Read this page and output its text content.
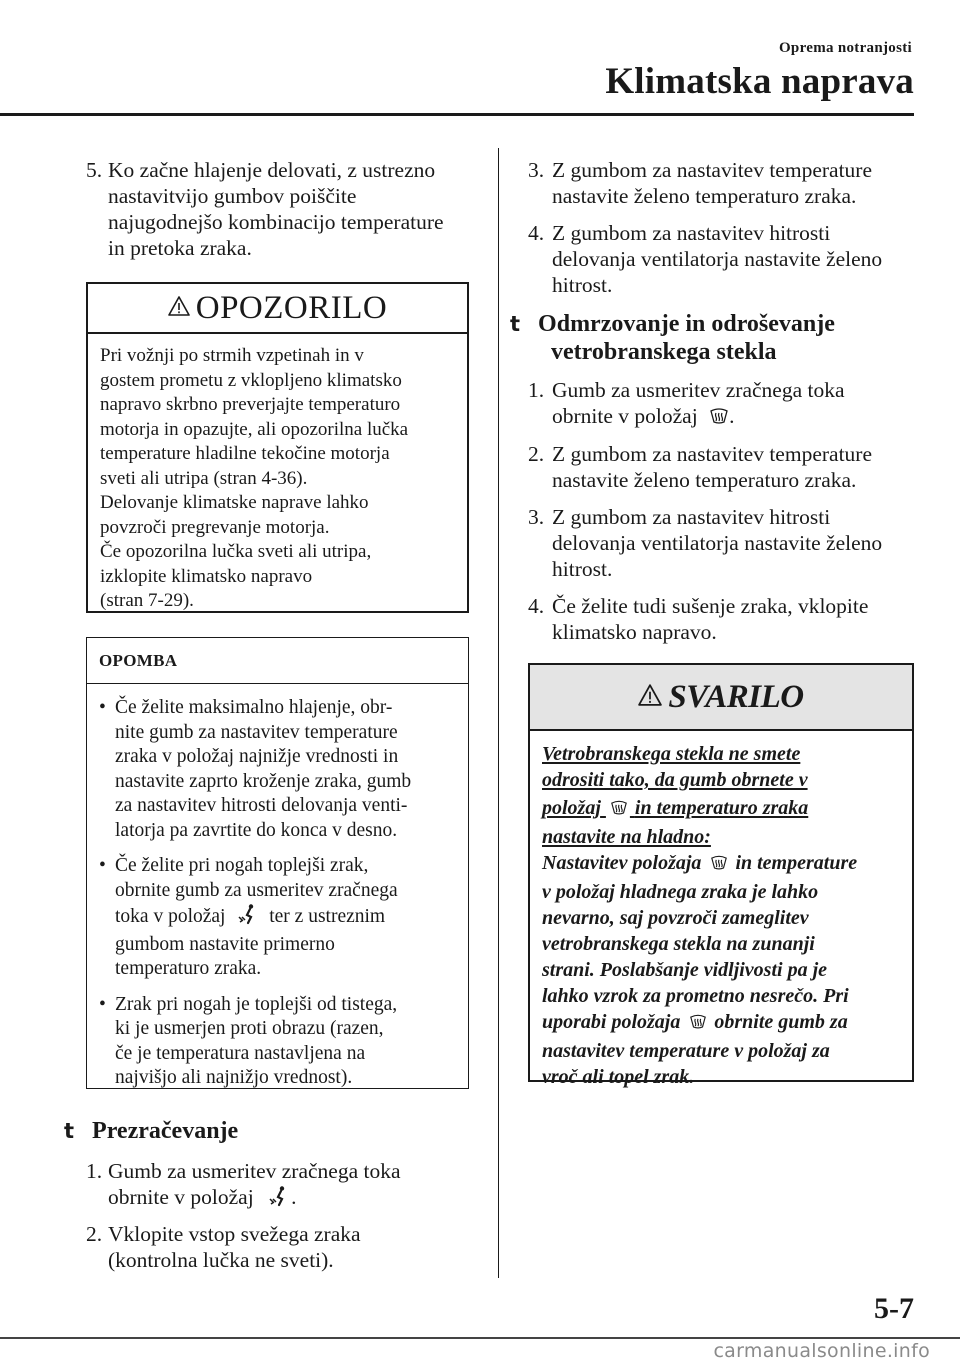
Oprema notranjosti
Klimatska naprava
5. Ko začne hlajenje delovati, z ustrezno
nastavitvijo gumbov poiščite
najugodnejšo kombinacijo temperature
in pretoka zraka.
OPOZORILO
Pri vožnji po strmih vzpetinah in v
gostem prometu z vklopljeno klimatsko
napravo skrbno preverjajte temperaturo
motorja in opazujte, ali opozorilna lučka
temperature hladilne tekočine motorja
sveti ali utripa (stran 4-36).
Delovanje klimatske naprave lahko
povzroči pregrevanje motorja.
Če opozorilna lučka sveti ali utripa,
izklopite klimatsko napravo
(stran 7-29).
OPOMBA
• Če želite maksimalno hlajenje, obr-
nite gumb za nastavitev temperature
zraka v položaj najnižje vrednosti in
nastavite zaprto kroženje zraka, gumb
za nastavitev hitrosti delovanja venti-
latorja pa zavrtite do konca v desno.
• Če želite pri nogah toplejši zrak,
obrnite gumb za usmeritev zračnega
toka v položaj ter z ustreznim
gumbom nastavite primerno
temperaturo zraka.
• Zrak pri nogah je toplejši od tistega,
ki je usmerjen proti obrazu (razen,
če je temperatura nastavljena na
najvišjo ali najnižjo vrednost).
t Prezračevanje
1. Gumb za usmeritev zračnega toka
obrnite v položaj .
2. Vklopite vstop svežega zraka
(kontrolna lučka ne sveti).
3. Z gumbom za nastavitev temperature
nastavite želeno temperaturo zraka.
4. Z gumbom za nastavitev hitrosti
delovanja ventilatorja nastavite želeno
hitrost.
t Odmrzovanje in odroševanje
vetrobranskega stekla
1. Gumb za usmeritev zračnega toka
obrnite v položaj .
2. Z gumbom za nastavitev temperature
nastavite želeno temperaturo zraka.
3. Z gumbom za nastavitev hitrosti
delovanja ventilatorja nastavite želeno
hitrost.
4. Če želite tudi sušenje zraka, vklopite
klimatsko napravo.
SVARILO
Vetrobranskega stekla ne smete
odrositi tako, da gumb obrnete v
položaj in temperaturo zraka
nastavite na hladno:
Nastavitev položaja in temperature
v položaj hladnega zraka je lahko
nevarno, saj povzroči zameglitev
vetrobranskega stekla na zunanji
strani. Poslabšanje vidljivosti pa je
lahko vzrok za prometno nesrečo. Pri
uporabi položaja obrnite gumb za
nastavitev temperature v položaj za
vroč ali topel zrak.
5-7
carmanualsonline.info
